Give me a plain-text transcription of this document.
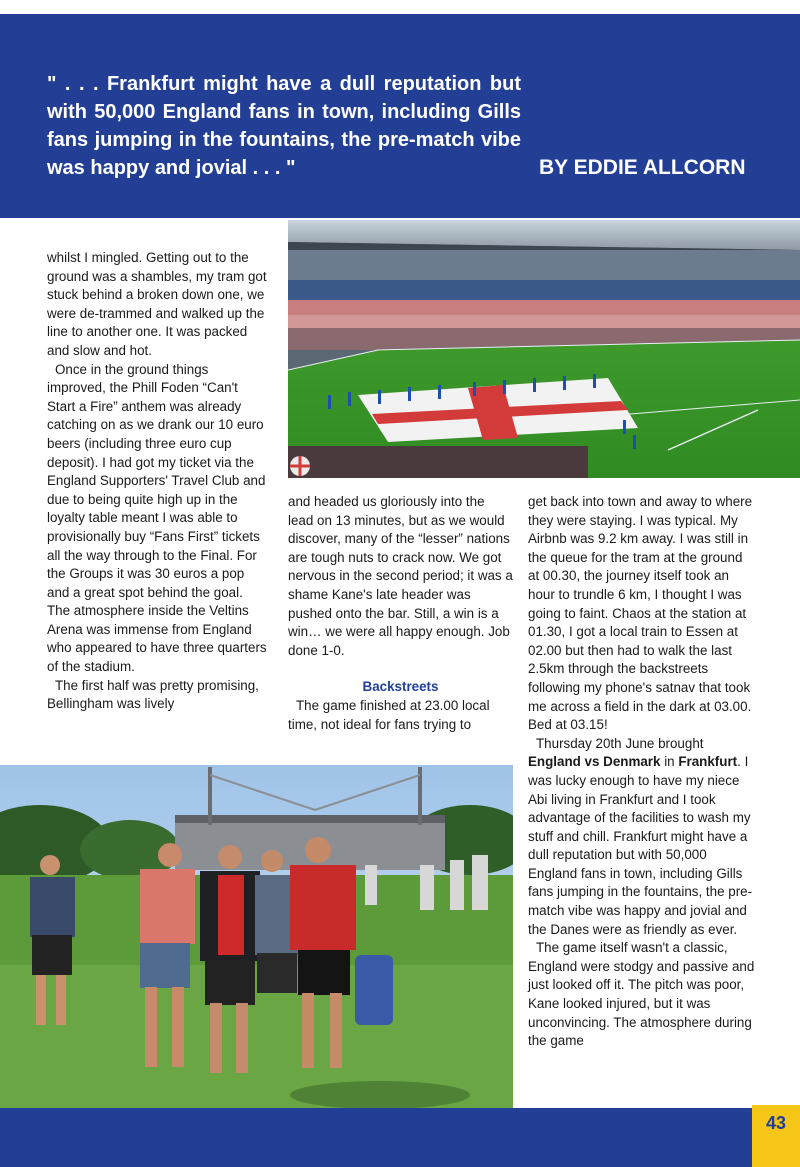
" . . . Frankfurt might have a dull reputation but with 50,000 England fans in town, including Gills fans jumping in the fountains, the pre-match vibe was happy and jovial . . . "	BY EDDIE ALLCORN

whilst I mingled. Getting out to the ground was a shambles, my tram got stuck behind a broken down one, we were de-trammed and walked up the line to another one. It was packed and slow and hot.

Once in the ground things improved, the Phill Foden “Can't Start a Fire” anthem was already catching on as we drank our 10 euro beers (including three euro cup deposit). I had got my ticket via the England Supporters' Travel Club and due to being quite high up in the loyalty table meant I was able to provisionally buy “Fans First” tickets all the way through to the Final. For the Groups it was 30 euros a pop and a great spot behind the goal. The atmosphere inside the Veltins Arena was immense from England who appeared to have three quarters of the stadium.

The first half was pretty promising, Bellingham was lively

and headed us gloriously into the lead on 13 minutes, but as we would discover, many of the “lesser” nations are tough nuts to crack now. We got nervous in the second period; it was a shame Kane's late header was pushed onto the bar. Still, a win is a win… we were all happy enough. Job done 1-0.

Backstreets

The game finished at 23.00 local time, not ideal for fans trying to

get back into town and away to where they were staying. I was typical. My Airbnb was 9.2 km away. I was still in the queue for the tram at the ground at 00.30, the journey itself took an hour to trundle 6 km, I thought I was going to faint. Chaos at the station at 01.30, I got a local train to Essen at 02.00 but then had to walk the last 2.5km through the backstreets following my phone's satnav that took me across a field in the dark at 03.00. Bed at 03.15!

Thursday 20th June brought England vs Denmark in Frankfurt. I was lucky enough to have my niece Abi living in Frankfurt and I took advantage of the facilities to wash my stuff and chill. Frankfurt might have a dull reputation but with 50,000 England fans in town, including Gills fans jumping in the fountains, the pre-match vibe was happy and jovial and the Danes were as friendly as ever.

The game itself wasn't a classic, England were stodgy and passive and just looked off it. The pitch was poor, Kane looked injured, but it was unconvincing. The atmosphere during the game

43
